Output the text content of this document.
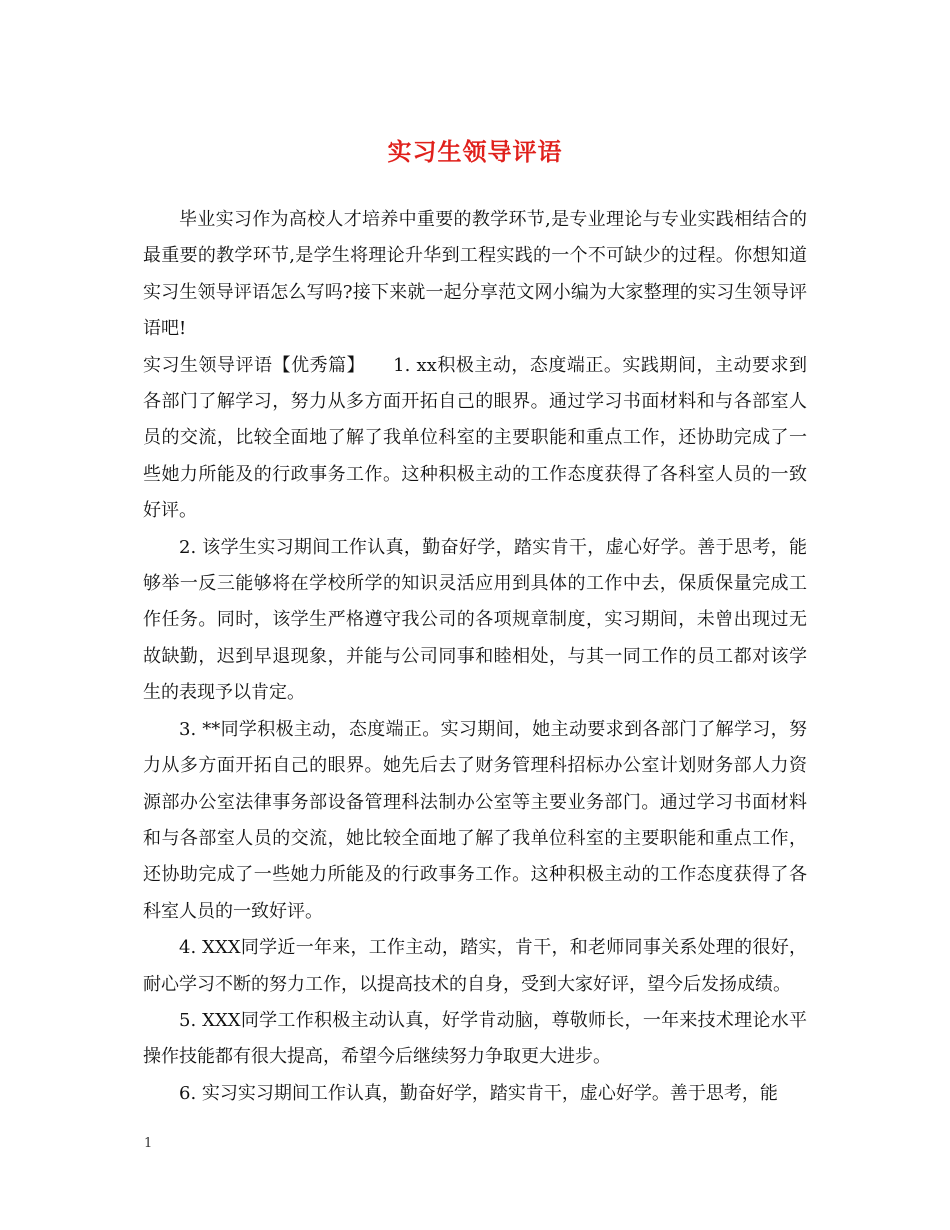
实习生领导评语

毕业实习作为高校人才培养中重要的教学环节,是专业理论与专业实践相结合的最重要的教学环节,是学生将理论升华到工程实践的一个不可缺少的过程。你想知道实习生领导评语怎么写吗?接下来就一起分享范文网小编为大家整理的实习生领导评语吧!

实习生领导评语【优秀篇】　　1. xx积极主动，态度端正。实践期间，主动要求到各部门了解学习，努力从多方面开拓自己的眼界。通过学习书面材料和与各部室人员的交流，比较全面地了解了我单位科室的主要职能和重点工作，还协助完成了一些她力所能及的行政事务工作。这种积极主动的工作态度获得了各科室人员的一致好评。

2. 该学生实习期间工作认真，勤奋好学，踏实肯干，虚心好学。善于思考，能够举一反三能够将在学校所学的知识灵活应用到具体的工作中去，保质保量完成工作任务。同时，该学生严格遵守我公司的各项规章制度，实习期间，未曾出现过无故缺勤，迟到早退现象，并能与公司同事和睦相处，与其一同工作的员工都对该学生的表现予以肯定。

3. **同学积极主动，态度端正。实习期间，她主动要求到各部门了解学习，努力从多方面开拓自己的眼界。她先后去了财务管理科招标办公室计划财务部人力资源部办公室法律事务部设备管理科法制办公室等主要业务部门。通过学习书面材料和与各部室人员的交流，她比较全面地了解了我单位科室的主要职能和重点工作，还协助完成了一些她力所能及的行政事务工作。这种积极主动的工作态度获得了各科室人员的一致好评。

4. XXX同学近一年来，工作主动，踏实，肯干，和老师同事关系处理的很好，耐心学习不断的努力工作，以提高技术的自身，受到大家好评，望今后发扬成绩。

5. XXX同学工作积极主动认真，好学肯动脑，尊敬师长，一年来技术理论水平操作技能都有很大提高，希望今后继续努力争取更大进步。

6. 实习实习期间工作认真，勤奋好学，踏实肯干，虚心好学。善于思考，能

1
